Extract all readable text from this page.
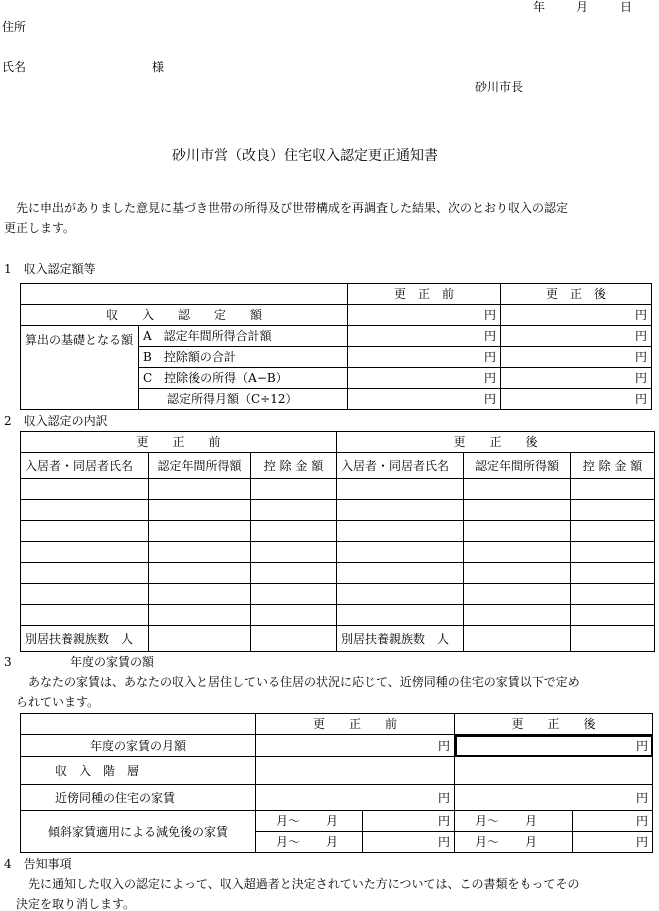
年	月	日
住所
氏名	様
砂川市長
砂川市営（改良）住宅収入認定更正通知書
　先に申出がありました意見に基づき世帯の所得及び世帯構成を再調査した結果、次のとおり収入の認定
更正します。
1　収入認定額等
		更　正　前	更　正　後
収　　入　　認　　定　　額		円	円
算出の基礎となる額	A　認定年間所得合計額	円	円
	B　控除額の合計	円	円
	C　控除後の所得（A−B）	円	円
	　　認定所得月額（C÷12）	円	円
2　収入認定の内訳
更　　正　　前			更　　正　　後		
入居者・同居者氏名	認定年間所得額	控 除 金 額	入居者・同居者氏名	認定年間所得額	控 除 金 額

別居扶養親族数　人			別居扶養親族数　人		
3	年度の家賃の額
　あなたの家賃は、あなたの収入と居住している住居の状況に応じて、近傍同種の住宅の家賃以下で定め
られています。
	更　　正　　前		更　　正　　後	
年度の家賃の月額	円		円	
収　入　階　層				
近傍同種の住宅の家賃	円		円	
傾斜家賃適用による減免後の家賃	月〜 月	円	月〜 月	円
	月〜 月	円	月〜 月	円
4　告知事項
　先に通知した収入の認定によって、収入超過者と決定されていた方については、この書類をもってその
決定を取り消します。
